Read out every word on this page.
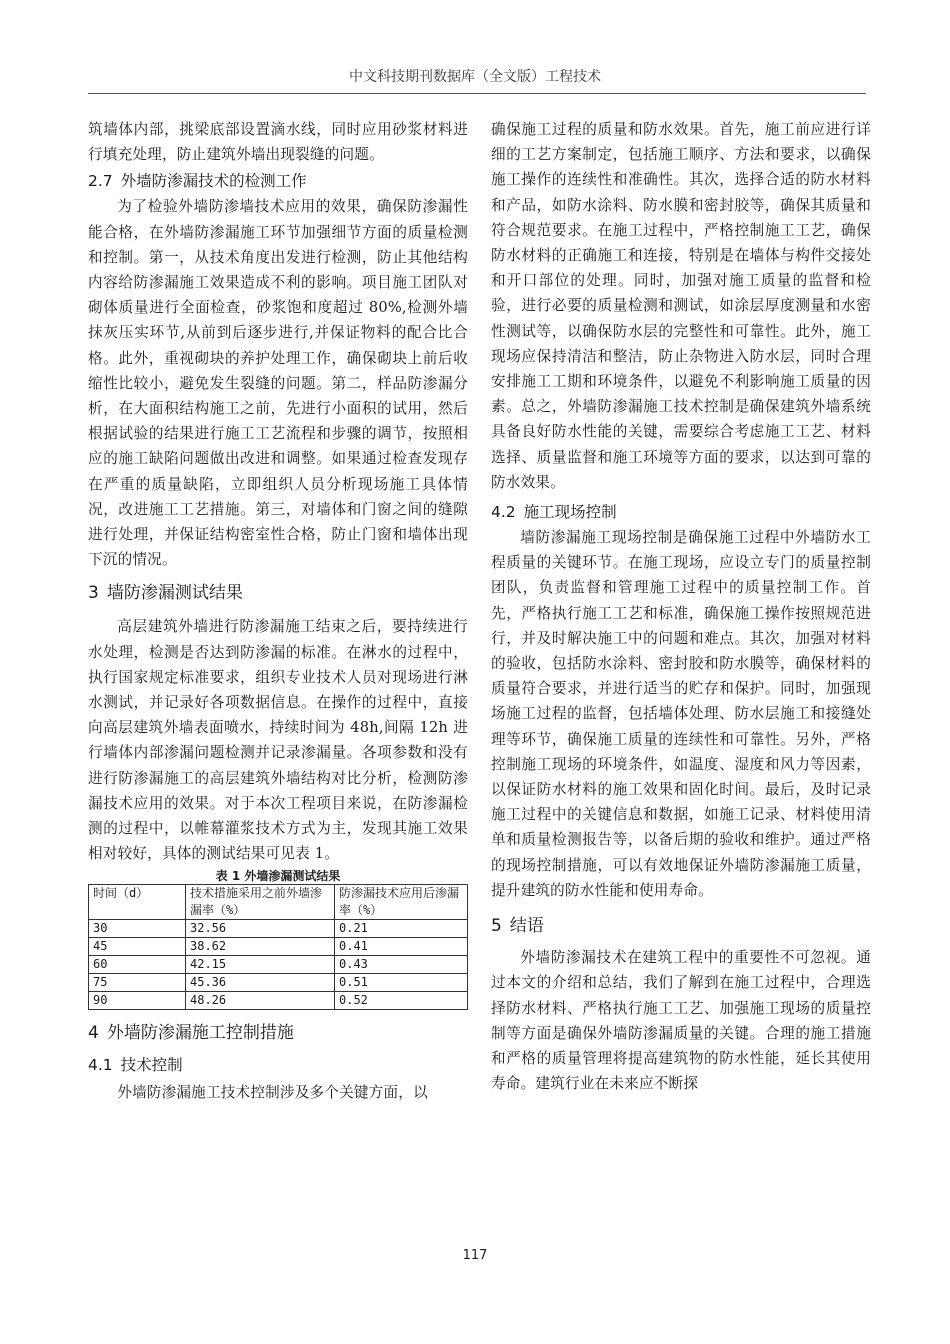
中文科技期刊数据库（全文版）工程技术

筑墙体内部，挑梁底部设置滴水线，同时应用砂浆材料进行填充处理，防止建筑外墙出现裂缝的问题。

2.7 外墙防渗漏技术的检测工作

为了检验外墙防渗墙技术应用的效果，确保防渗漏性能合格，在外墙防渗漏施工环节加强细节方面的质量检测和控制。第一，从技术角度出发进行检测，防止其他结构内容给防渗漏施工效果造成不利的影响。项目施工团队对砌体质量进行全面检查，砂浆饱和度超过 80%,检测外墙抹灰压实环节,从前到后逐步进行,并保证物料的配合比合格。此外，重视砌块的养护处理工作，确保砌块上前后收缩性比较小，避免发生裂缝的问题。第二，样品防渗漏分析，在大面积结构施工之前，先进行小面积的试用，然后根据试验的结果进行施工工艺流程和步骤的调节，按照相应的施工缺陷问题做出改进和调整。如果通过检查发现存在严重的质量缺陷，立即组织人员分析现场施工具体情况，改进施工工艺措施。第三，对墙体和门窗之间的缝隙进行处理，并保证结构密室性合格，防止门窗和墙体出现下沉的情况。

3 墙防渗漏测试结果

高层建筑外墙进行防渗漏施工结束之后，要持续进行水处理，检测是否达到防渗漏的标准。在淋水的过程中，执行国家规定标准要求，组织专业技术人员对现场进行淋水测试，并记录好各项数据信息。在操作的过程中，直接向高层建筑外墙表面喷水，持续时间为 48h,间隔 12h 进行墙体内部渗漏问题检测并记录渗漏量。各项参数和没有进行防渗漏施工的高层建筑外墙结构对比分析，检测防渗漏技术应用的效果。对于本次工程项目来说，在防渗漏检测的过程中，以帷幕灌浆技术方式为主，发现其施工效果相对较好，具体的测试结果可见表 1。

表 1 外墙渗漏测试结果

时间（d）	技术措施采用之前外墙渗漏率（%）	防渗漏技术应用后渗漏率（%）
30	32.56	0.21
45	38.62	0.41
60	42.15	0.43
75	45.36	0.51
90	48.26	0.52
4 外墙防渗漏施工控制措施
4.1 技术控制

外墙防渗漏施工技术控制涉及多个关键方面，以

确保施工过程的质量和防水效果。首先，施工前应进行详细的工艺方案制定，包括施工顺序、方法和要求，以确保施工操作的连续性和准确性。其次，选择合适的防水材料和产品，如防水涂料、防水膜和密封胶等，确保其质量和符合规范要求。在施工过程中，严格控制施工工艺，确保防水材料的正确施工和连接，特别是在墙体与构件交接处和开口部位的处理。同时，加强对施工质量的监督和检验，进行必要的质量检测和测试，如涂层厚度测量和水密性测试等，以确保防水层的完整性和可靠性。此外，施工现场应保持清洁和整洁，防止杂物进入防水层，同时合理安排施工工期和环境条件，以避免不利影响施工质量的因素。总之，外墙防渗漏施工技术控制是确保建筑外墙系统具备良好防水性能的关键，需要综合考虑施工工艺、材料选择、质量监督和施工环境等方面的要求，以达到可靠的防水效果。

4.2 施工现场控制

墙防渗漏施工现场控制是确保施工过程中外墙防水工程质量的关键环节。在施工现场，应设立专门的质量控制团队，负责监督和管理施工过程中的质量控制工作。首先，严格执行施工工艺和标准，确保施工操作按照规范进行，并及时解决施工中的问题和难点。其次，加强对材料的验收，包括防水涂料、密封胶和防水膜等，确保材料的质量符合要求，并进行适当的贮存和保护。同时，加强现场施工过程的监督，包括墙体处理、防水层施工和接缝处理等环节，确保施工质量的连续性和可靠性。另外，严格控制施工现场的环境条件，如温度、湿度和风力等因素，以保证防水材料的施工效果和固化时间。最后，及时记录施工过程中的关键信息和数据，如施工记录、材料使用清单和质量检测报告等，以备后期的验收和维护。通过严格的现场控制措施，可以有效地保证外墙防渗漏施工质量，提升建筑的防水性能和使用寿命。

5 结语

外墙防渗漏技术在建筑工程中的重要性不可忽视。通过本文的介绍和总结，我们了解到在施工过程中，合理选择防水材料、严格执行施工工艺、加强施工现场的质量控制等方面是确保外墙防渗漏质量的关键。合理的施工措施和严格的质量管理将提高建筑物的防水性能，延长其使用寿命。建筑行业在未来应不断探

117
